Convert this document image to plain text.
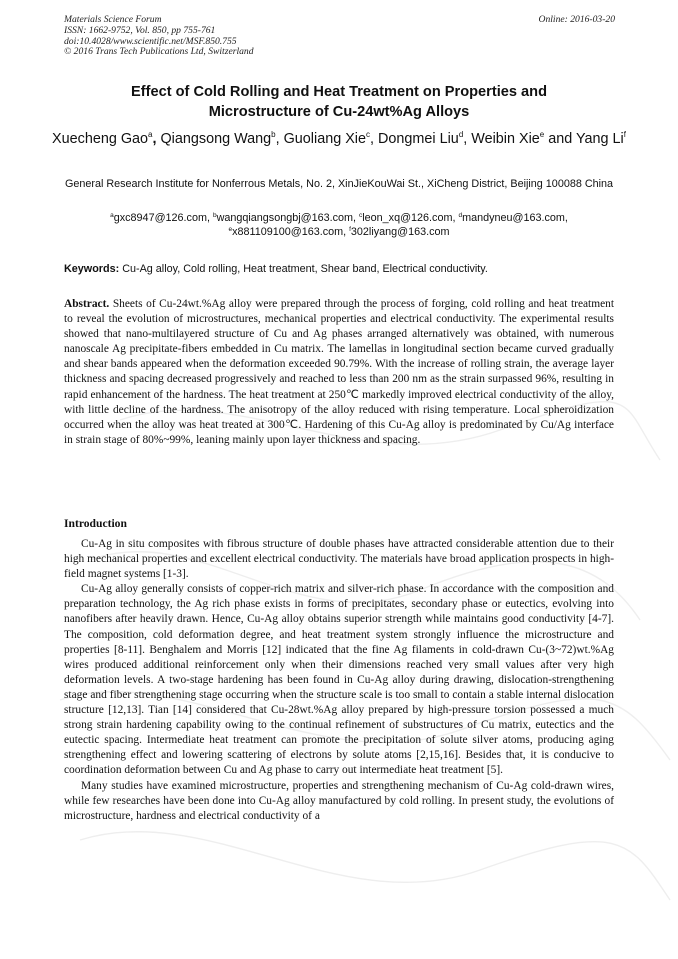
Materials Science Forum
ISSN: 1662-9752, Vol. 850, pp 755-761
doi:10.4028/www.scientific.net/MSF.850.755
© 2016 Trans Tech Publications Ltd, Switzerland
Online: 2016-03-20
Effect of Cold Rolling and Heat Treatment on Properties and
Microstructure of Cu-24wt%Ag Alloys
Xuecheng Gao$^a$, Qiangsong Wang$^b$, Guoliang Xie$^c$, Dongmei Liu$^d$, Weibin Xie$^e$ and Yang Li$^f$
General Research Institute for Nonferrous Metals, No. 2, XinJieKouWai St., XiCheng District, Beijing 100088 China
$^a$gxc8947@126.com, $^b$wangqiangsongbj@163.com, $^c$leon_xq@126.com, $^d$mandyneu@163.com,
$^e$x881109100@163.com, $^f$302liyang@163.com
Keywords: Cu-Ag alloy, Cold rolling, Heat treatment, Shear band, Electrical conductivity.
Abstract. Sheets of Cu-24wt.%Ag alloy were prepared through the process of forging, cold rolling and heat treatment to reveal the evolution of microstructures, mechanical properties and electrical conductivity. The experimental results showed that nano-multilayered structure of Cu and Ag phases arranged alternatively was obtained, with numerous nanoscale Ag precipitate-fibers embedded in Cu matrix. The lamellas in longitudinal section became curved gradually and shear bands appeared when the deformation exceeded 90.79%. With the increase of rolling strain, the average layer thickness and spacing decreased progressively and reached to less than 200 nm as the strain surpassed 96%, resulting in rapid enhancement of the hardness. The heat treatment at 250℃ markedly improved electrical conductivity of the alloy, with little decline of the hardness. The anisotropy of the alloy reduced with rising temperature. Local spheroidization occurred when the alloy was heat treated at 300℃. Hardening of this Cu-Ag alloy is predominated by Cu/Ag interface in strain stage of 80%~99%, leaning mainly upon layer thickness and spacing.
Introduction

Cu-Ag in situ composites with fibrous structure of double phases have attracted considerable attention due to their high mechanical properties and excellent electrical conductivity. The materials have broad application prospects in high-field magnet systems [1-3].

Cu-Ag alloy generally consists of copper-rich matrix and silver-rich phase. In accordance with the composition and preparation technology, the Ag rich phase exists in forms of precipitates, secondary phase or eutectics, evolving into nanofibers after heavily drawn. Hence, Cu-Ag alloy obtains superior strength while maintains good conductivity [4-7]. The composition, cold deformation degree, and heat treatment system strongly influence the microstructure and properties [8-11]. Benghalem and Morris [12] indicated that the fine Ag filaments in cold-drawn Cu-(3~72)wt.%Ag wires produced additional reinforcement only when their dimensions reached very small values after very high deformation levels. A two-stage hardening has been found in Cu-Ag alloy during drawing, dislocation-strengthening stage and fiber strengthening stage occurring when the structure scale is too small to contain a stable internal dislocation structure [12,13]. Tian [14] considered that Cu-28wt.%Ag alloy prepared by high-pressure torsion possessed a much strong strain hardening capability owing to the continual refinement of substructures of Cu matrix, eutectics and the eutectic spacing. Intermediate heat treatment can promote the precipitation of solute silver atoms, producing aging strengthening effect and lowering scattering of electrons by solute atoms [2,15,16]. Besides that, it is conducive to coordination deformation between Cu and Ag phase to carry out intermediate heat treatment [5].

Many studies have examined microstructure, properties and strengthening mechanism of Cu-Ag cold-drawn wires, while few researches have been done into Cu-Ag alloy manufactured by cold rolling. In present study, the evolutions of microstructure, hardness and electrical conductivity of a
